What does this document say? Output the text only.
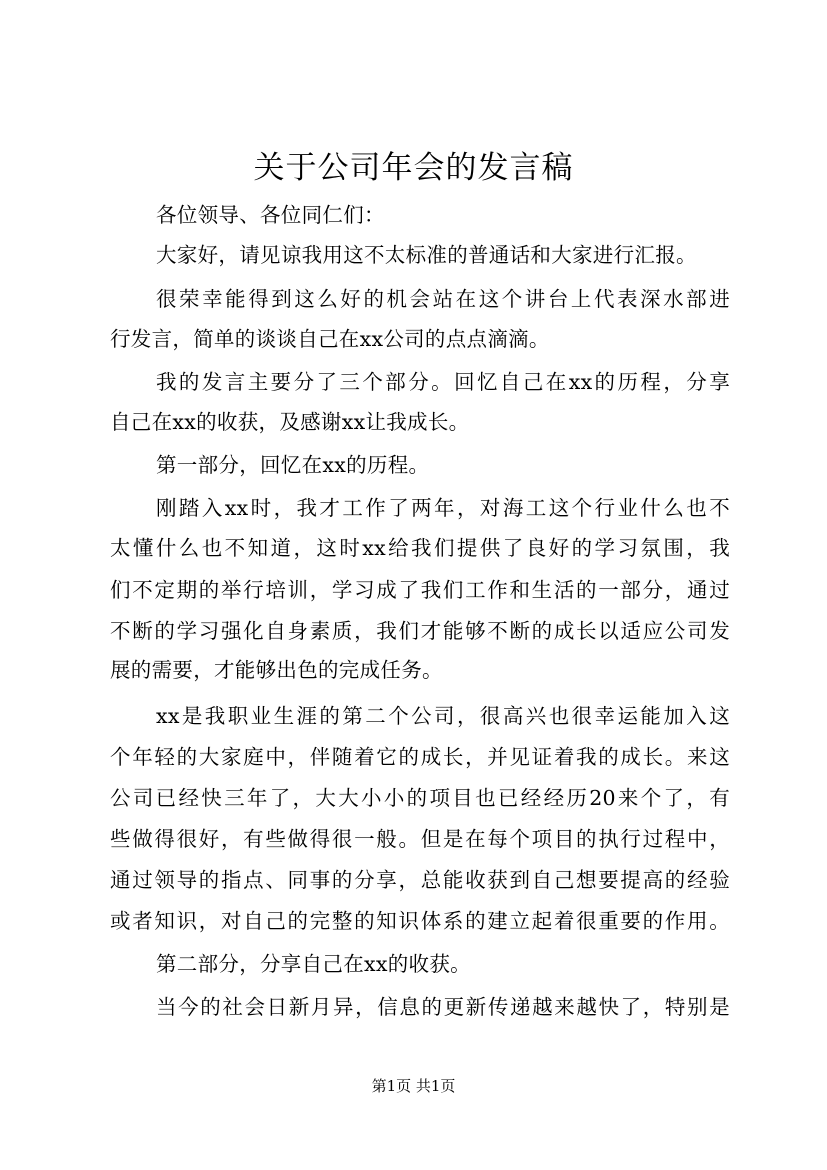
关于公司年会的发言稿
各位领导、各位同仁们：
大家好，请见谅我用这不太标准的普通话和大家进行汇报。
很荣幸能得到这么好的机会站在这个讲台上代表深水部进
行发言，简单的谈谈自己在xx公司的点点滴滴。
我的发言主要分了三个部分。回忆自己在xx的历程，分享
自己在xx的收获，及感谢xx让我成长。
第一部分，回忆在xx的历程。
刚踏入xx时，我才工作了两年，对海工这个行业什么也不
太懂什么也不知道，这时xx给我们提供了良好的学习氛围，我
们不定期的举行培训，学习成了我们工作和生活的一部分，通过
不断的学习强化自身素质，我们才能够不断的成长以适应公司发
展的需要，才能够出色的完成任务。
xx是我职业生涯的第二个公司，很高兴也很幸运能加入这
个年轻的大家庭中，伴随着它的成长，并见证着我的成长。来这
公司已经快三年了，大大小小的项目也已经经历20来个了，有
些做得很好，有些做得很一般。但是在每个项目的执行过程中，
通过领导的指点、同事的分享，总能收获到自己想要提高的经验
或者知识，对自己的完整的知识体系的建立起着很重要的作用。
第二部分，分享自己在xx的收获。
当今的社会日新月异，信息的更新传递越来越快了，特别是
第1页 共1页
